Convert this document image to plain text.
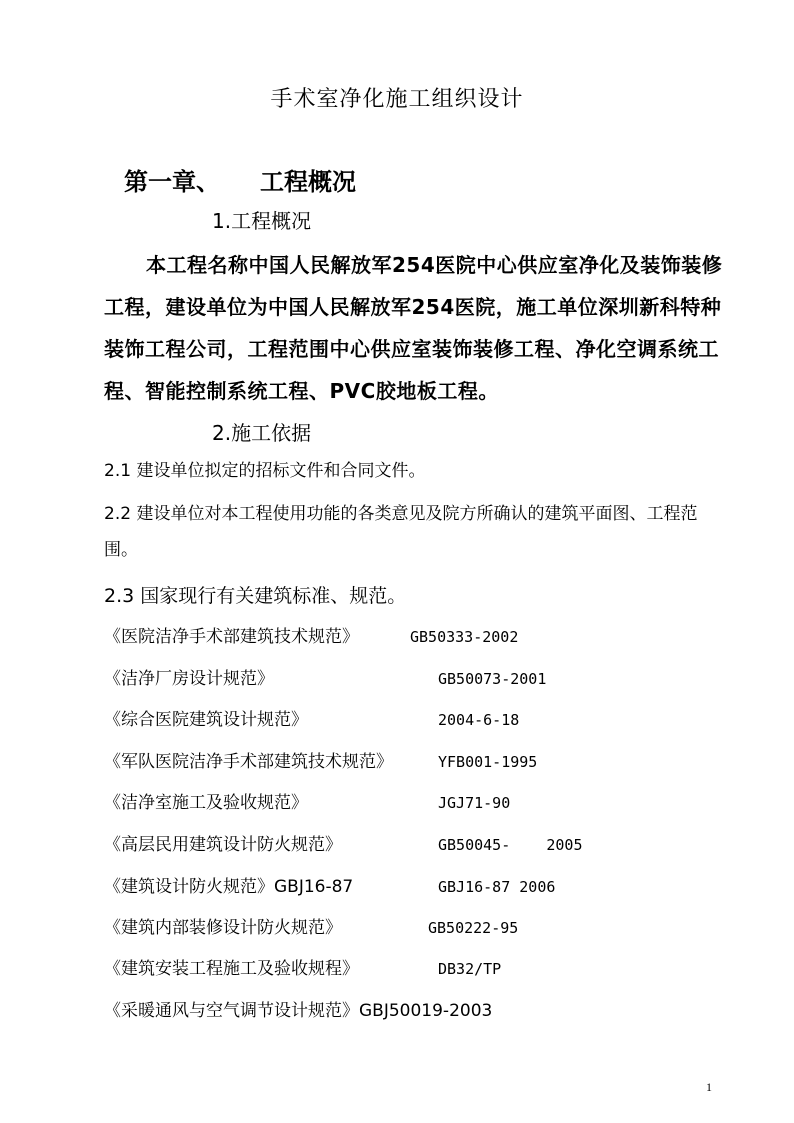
手术室净化施工组织设计
第一章、 工程概况
1.工程概况
本工程名称中国人民解放军254医院中心供应室净化及装饰装修工程，建设单位为中国人民解放军254医院，施工单位深圳新科特种装饰工程公司，工程范围中心供应室装饰装修工程、净化空调系统工程、智能控制系统工程、PVC胶地板工程。
2.施工依据
2.1 建设单位拟定的招标文件和合同文件。
2.2 建设单位对本工程使用功能的各类意见及院方所确认的建筑平面图、工程范围。
2.3 国家现行有关建筑标准、规范。
《医院洁净手术部建筑技术规范》	GB50333-2002
《洁净厂房设计规范》	GB50073-2001
《综合医院建筑设计规范》	2004-6-18
《军队医院洁净手术部建筑技术规范》	YFB001-1995
《洁净室施工及验收规范》	JGJ71-90
《高层民用建筑设计防火规范》	GB50045-    2005
《建筑设计防火规范》GBJ16-87	GBJ16-87 2006
《建筑内部装修设计防火规范》	GB50222-95
《建筑安装工程施工及验收规程》	DB32/TP
《采暖通风与空气调节设计规范》GBJ50019-2003
1
